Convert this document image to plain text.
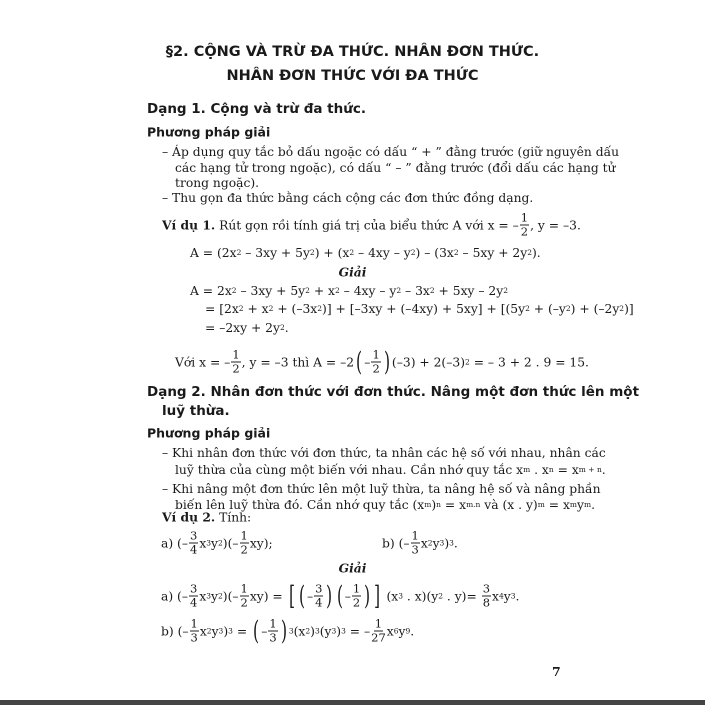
§2. CỘNG VÀ TRỪ ĐA THỨC. NHÂN ĐƠN THỨC.
NHÂN ĐƠN THỨC VỚI ĐA THỨC
Dạng 1. Cộng và trừ đa thức.
Phương pháp giải
– Áp dụng quy tắc bỏ dấu ngoặc có dấu “ + ” đằng trước (giữ nguyên dấu
các hạng tử trong ngoặc), có dấu “ – ” đằng trước (đổi dấu các hạng tử
trong ngoặc).
– Thu gọn đa thức bằng cách cộng các đơn thức đồng dạng.
Ví dụ 1. Rút gọn rồi tính giá trị của biểu thức A với x = – $\frac{1}{2}$ , y = –3.
A = (2x 2 – 3xy + 5y 2 ) + (x 2 – 4xy – y 2 ) – (3x 2 – 5xy + 2y 2 ).
Giải
A = 2x 2 – 3xy + 5y 2 + x 2 – 4xy – y 2 – 3x 2 + 5xy – 2y 2
= [2x 2 + x 2 + (–3x 2 )] + [–3xy + (–4xy) + 5xy] + [(5y 2 + (–y 2 ) + (–2y 2 )]
= –2xy + 2y 2 .
Với x = – $\frac{1}{2}$ , y = –3 thì A = –2 ( – $\frac{1}{2}$ ) (–3) + 2(–3) 2 = – 3 + 2 . 9 = 15.
Dạng 2. Nhân đơn thức với đơn thức. Nâng một đơn thức lên một
luỹ thừa.
Phương pháp giải
– Khi nhân đơn thức với đơn thức, ta nhân các hệ số với nhau, nhân các
luỹ thừa của cùng một biến với nhau. Cần nhớ quy tắc x m . x n = x m + n .
– Khi nâng một đơn thức lên một luỹ thừa, ta nâng hệ số và nâng phần
biến lên luỹ thừa đó. Cần nhớ quy tắc (x m ) n = x m.n và (x . y) m = x m y m .
Ví dụ 2. Tính:
a) (– $\frac{3}{4}$ x 3 y 2 )(– $\frac{1}{2} xy$);	b) (– $\frac{1}{3}$ x 2 y 3 ) 3 .
Giải
a) (– $\frac{3}{4}$ x 3 y 2 )(– $\frac{1}{2} xy$) = [ ( – $\frac{3}{4}$ ) ( – $\frac{1}{2}$ ) ] (x 3 . x)(y 2 . $y)= \frac{3}{8}$ x 4 y 3 .
b) (– $\frac{1}{3}$ x 2 y 3 ) 3 = ( – $\frac{1}{3}$ ) 3 (x 2 ) 3 (y 3 ) 3 = – $\frac{1}{27}$ x 6 y 9 .
7
